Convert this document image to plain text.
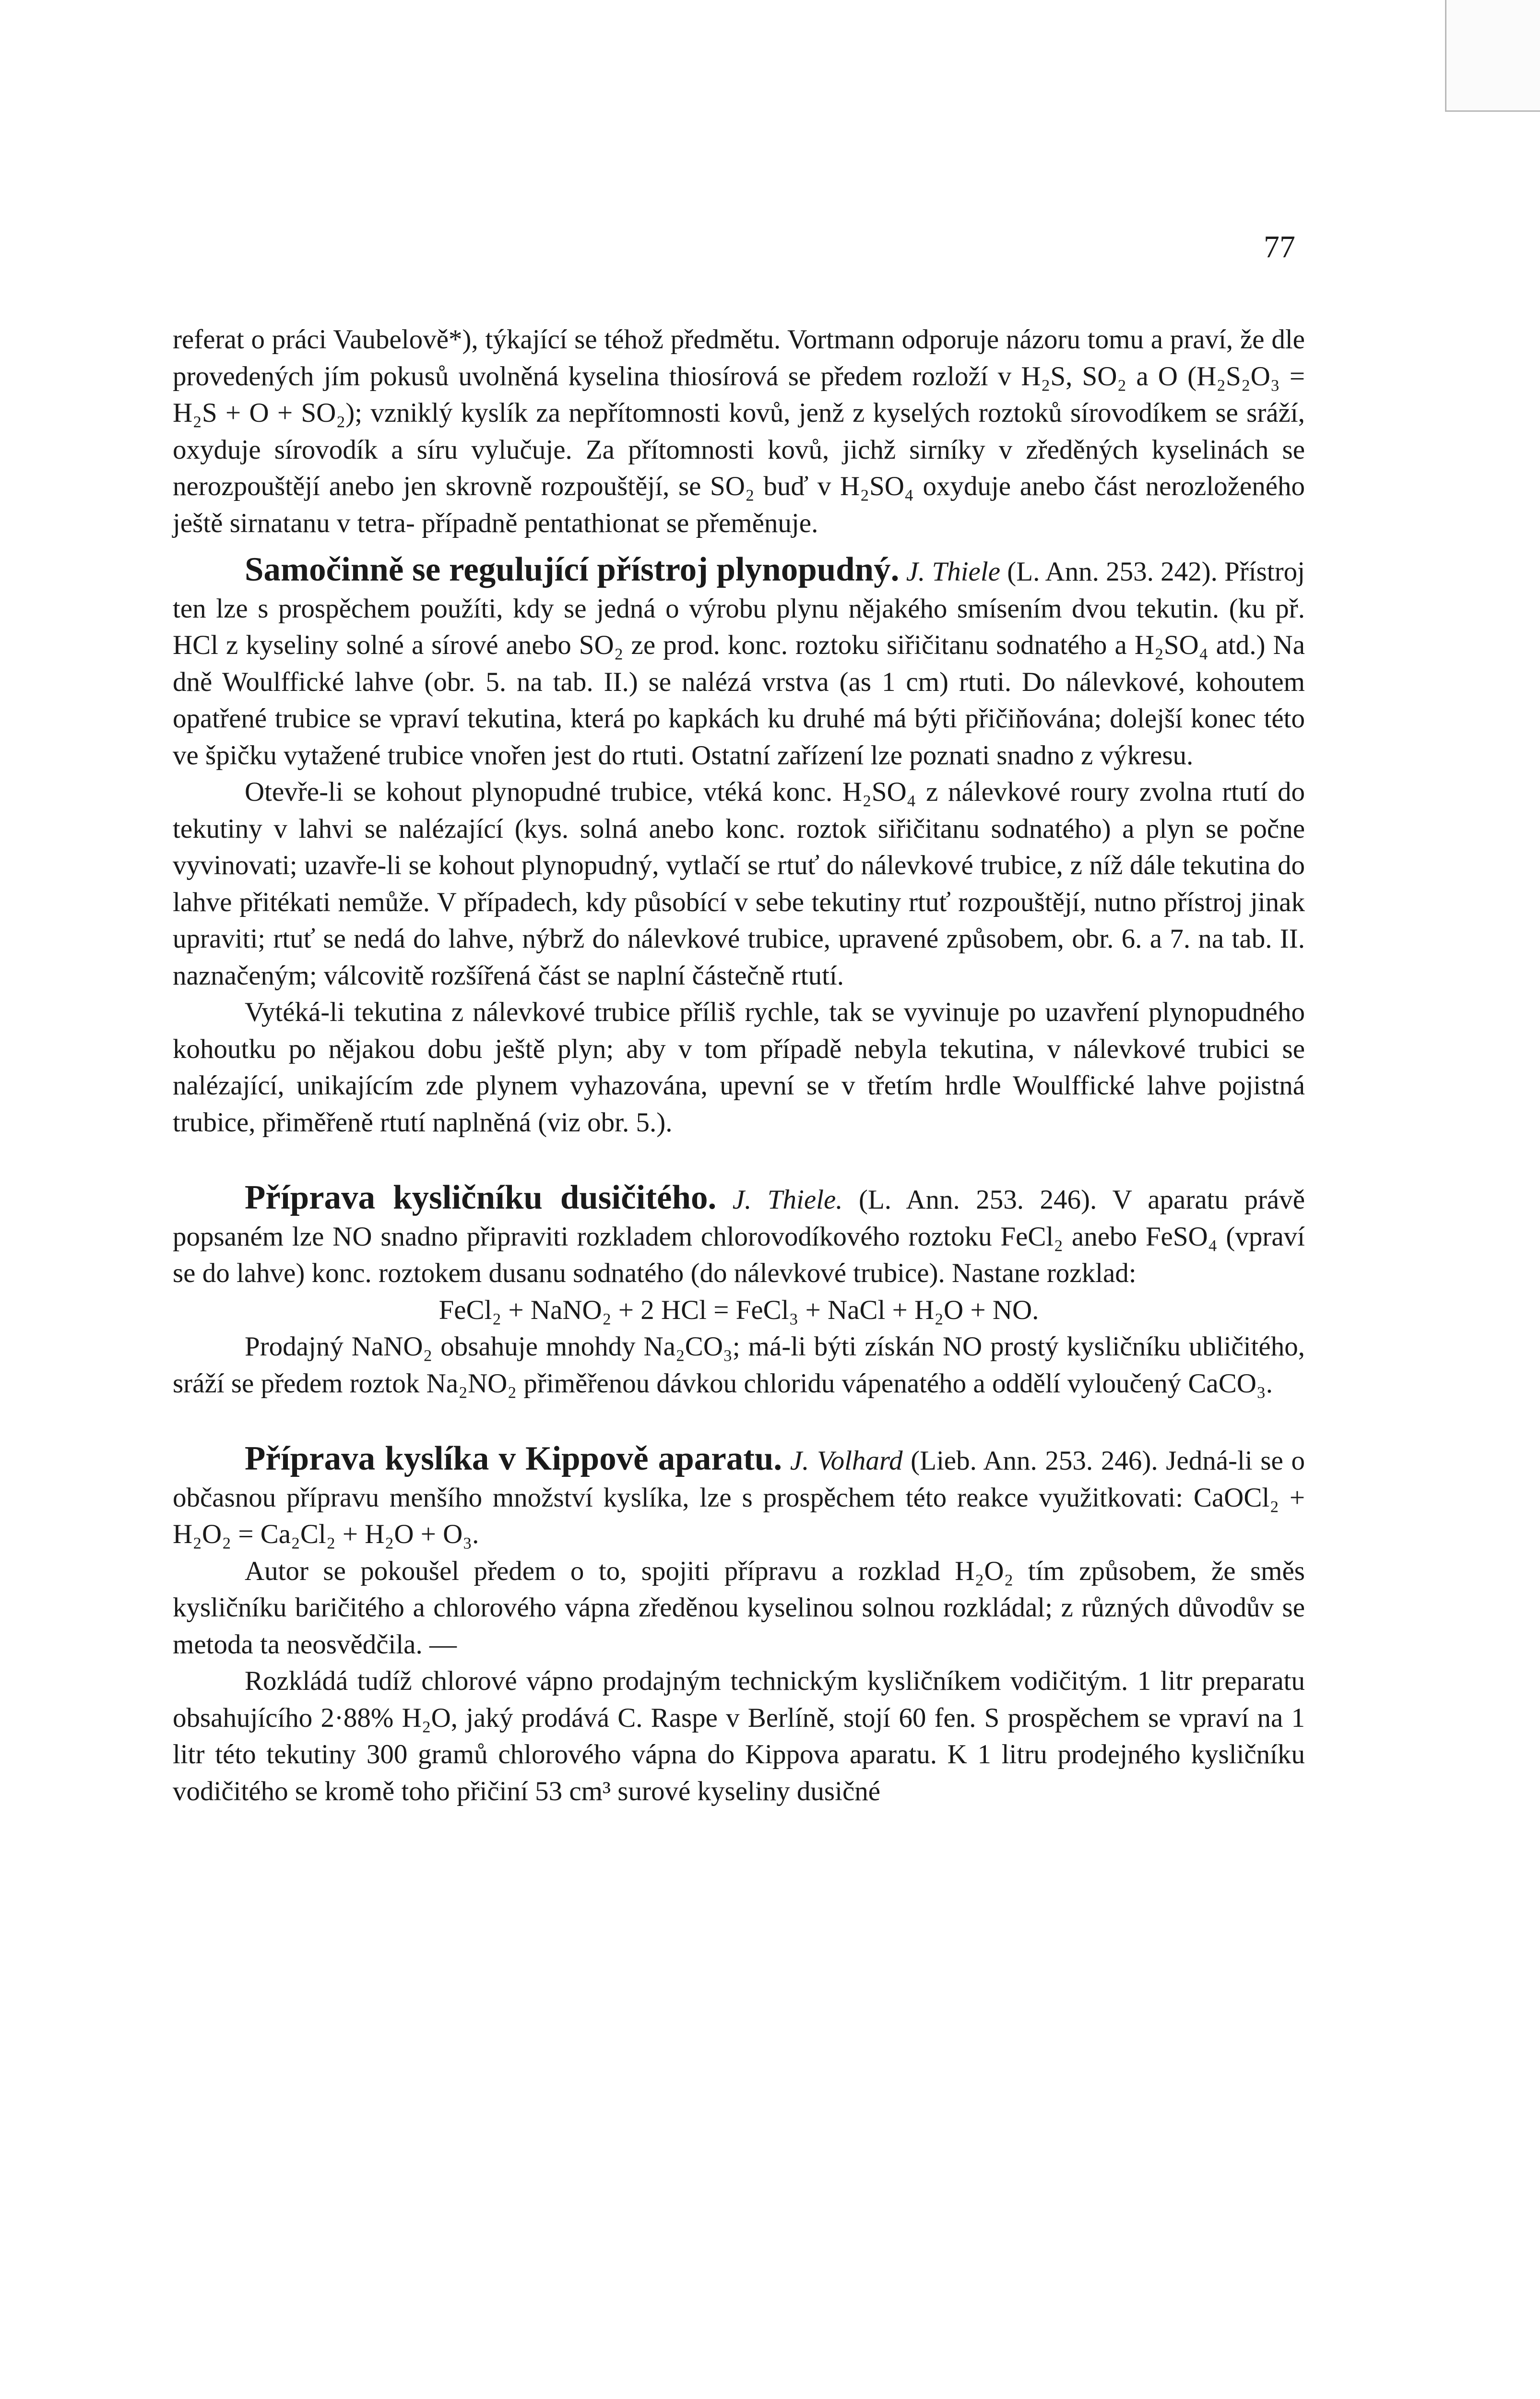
77

referat o práci Vaubelově*), týkající se téhož předmětu. Vortmann odporuje názoru tomu a praví, že dle provedených jím pokusů uvolněná kyselina thiosírová se předem rozloží v H₂S, SO₂ a O (H₂S₂O₃ = H₂S + O + SO₂); vzniklý kyslík za nepřítomnosti kovů, jenž z kyselých roztoků sírovodíkem se sráží, oxyduje sírovodík a síru vylučuje. Za přítomnosti kovů, jichž sirníky v zředěných kyselinách se nerozpouštějí anebo jen skrovně rozpouštějí, se SO₂ buď v H₂SO₄ oxyduje anebo část nerozloženého ještě sirnatanu v tetra- případně pentathionat se přeměnuje.

Samočinně se regulující přístroj plynopudný. J. Thiele (L. Ann. 253. 242). Přístroj ten lze s prospěchem použíti, kdy se jedná o výrobu plynu nějakého smísením dvou tekutin. (ku př. HCl z kyseliny solné a sírové anebo SO₂ ze prod. konc. roztoku siřičitanu sodnatého a H₂SO₄ atd.) Na dně Woulffické lahve (obr. 5. na tab. II.) se nalézá vrstva (as 1 cm) rtuti. Do nálevkové, kohoutem opatřené trubice se vpraví tekutina, která po kapkách ku druhé má býti přičiňována; dolejší konec této ve špičku vytažené trubice vnořen jest do rtuti. Ostatní zařízení lze poznati snadno z výkresu.

Otevře-li se kohout plynopudné trubice, vtéká konc. H₂SO₄ z nálevkové roury zvolna rtutí do tekutiny v lahvi se nalézající (kys. solná anebo konc. roztok siřičitanu sodnatého) a plyn se počne vyvinovati; uzavře-li se kohout plynopudný, vytlačí se rtuť do nálevkové trubice, z níž dále tekutina do lahve přitékati nemůže. V případech, kdy působící v sebe tekutiny rtuť rozpouštějí, nutno přístroj jinak upraviti; rtuť se nedá do lahve, nýbrž do nálevkové trubice, upravené způsobem, obr. 6. a 7. na tab. II. naznačeným; válcovitě rozšířená část se naplní částečně rtutí.

Vytéká-li tekutina z nálevkové trubice příliš rychle, tak se vyvinuje po uzavření plynopudného kohoutku po nějakou dobu ještě plyn; aby v tom případě nebyla tekutina, v nálevkové trubici se nalézající, unikajícím zde plynem vyhazována, upevní se v třetím hrdle Woulffické lahve pojistná trubice, přiměřeně rtutí naplněná (viz obr. 5.).

Příprava kysličníku dusičitého. J. Thiele. (L. Ann. 253. 246). V aparatu právě popsaném lze NO snadno připraviti rozkladem chlorovodíkového roztoku FeCl₂ anebo FeSO₄ (vpraví se do lahve) konc. roztokem dusanu sodnatého (do nálevkové trubice). Nastane rozklad:

FeCl₂ + NaNO₂ + 2 HCl = FeCl₃ + NaCl + H₂O + NO.

Prodajný NaNO₂ obsahuje mnohdy Na₂CO₃; má-li býti získán NO prostý kysličníku ubličitého, sráží se předem roztok Na₂NO₂ přiměřenou dávkou chloridu vápenatého a oddělí vyloučený CaCO₃.

Příprava kyslíka v Kippově aparatu. J. Volhard (Lieb. Ann. 253. 246). Jedná-li se o občasnou přípravu menšího množství kyslíka, lze s prospěchem této reakce využitkovati: CaOCl₂ + H₂O₂ = Ca₂Cl₂ + H₂O + O₃.

Autor se pokoušel předem o to, spojiti přípravu a rozklad H₂O₂ tím způsobem, že směs kysličníku baričitého a chlorového vápna zředěnou kyselinou solnou rozkládal; z různých důvodův se metoda ta neosvědčila. —

Rozkládá tudíž chlorové vápno prodajným technickým kysličníkem vodičitým. 1 litr preparatu obsahujícího 2·88% H₂O, jaký prodává C. Raspe v Berlíně, stojí 60 fen. S prospěchem se vpraví na 1 litr této tekutiny 300 gramů chlorového vápna do Kippova aparatu. K 1 litru prodejného kysličníku vodičitého se kromě toho přičiní 53 cm³ surové kyseliny dusičné
